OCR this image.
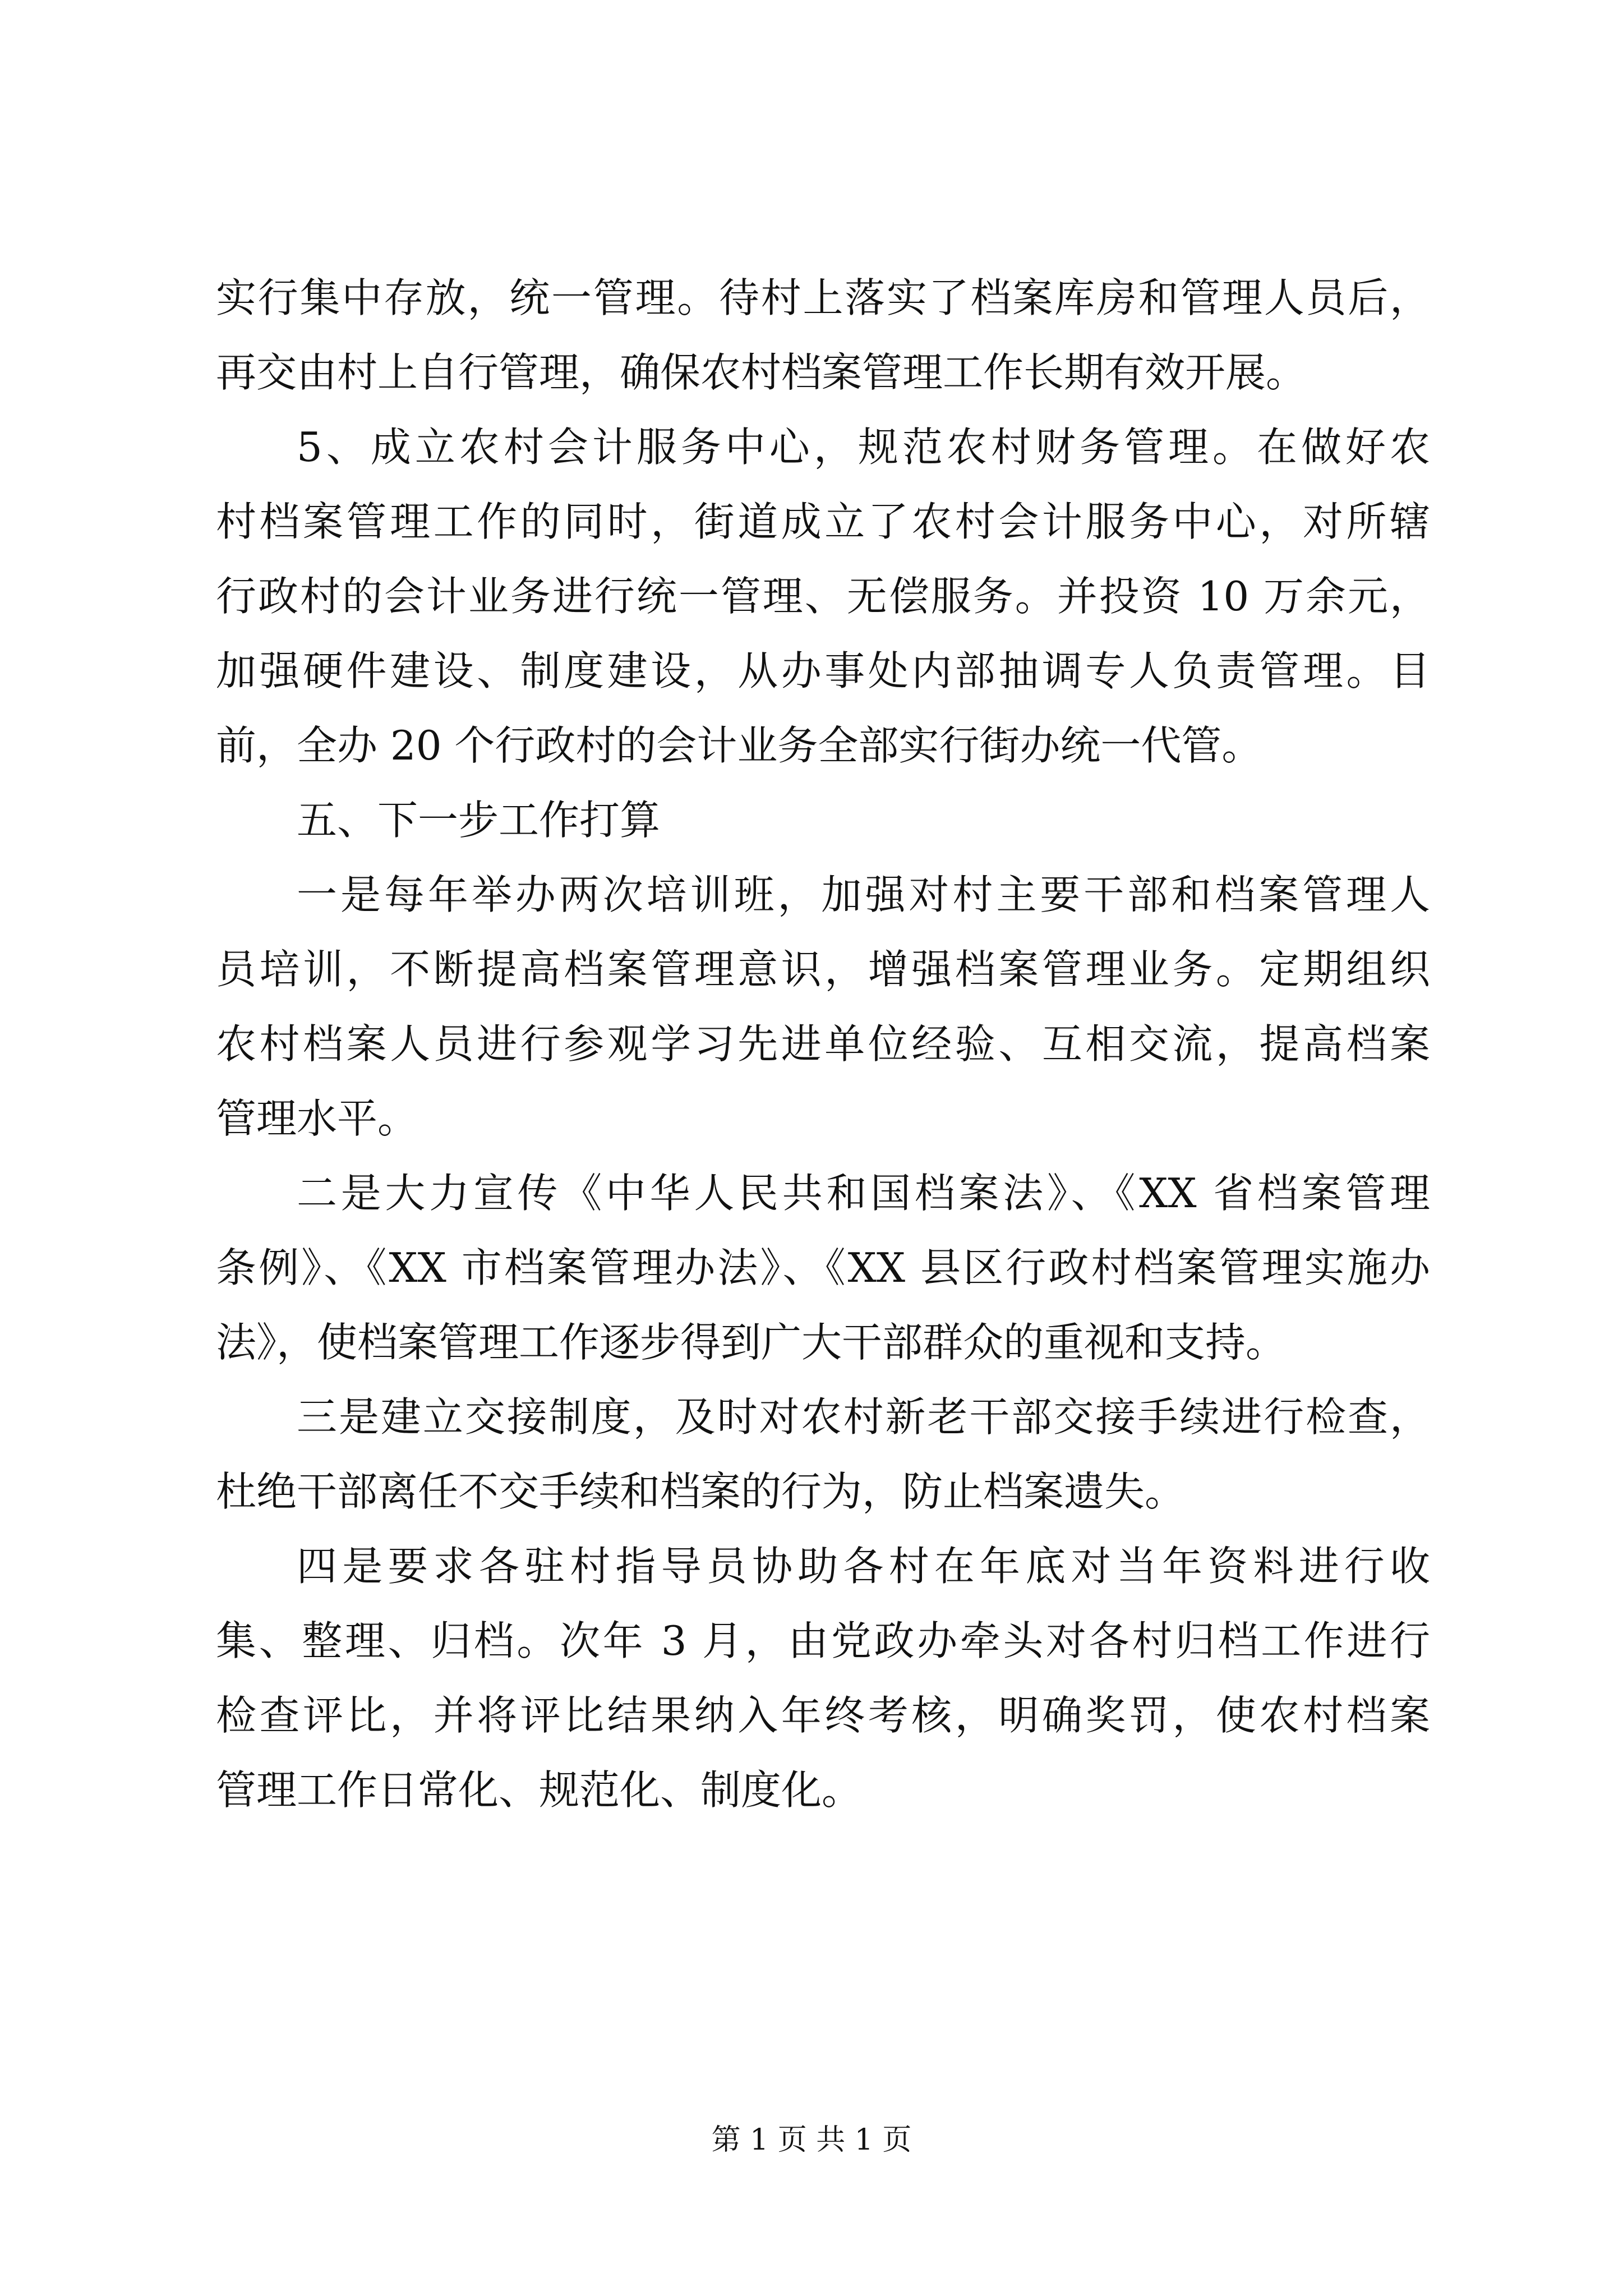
实行集中存放，统一管理。待村上落实了档案库房和管理人员后，
再交由村上自行管理，确保农村档案管理工作长期有效开展。
5、成立农村会计服务中心，规范农村财务管理。在做好农
村档案管理工作的同时，街道成立了农村会计服务中心，对所辖
行政村的会计业务进行统一管理、无偿服务。并投资 10 万余元，
加强硬件建设、制度建设，从办事处内部抽调专人负责管理。目
前，全办 20 个行政村的会计业务全部实行街办统一代管。
五、下一步工作打算
一是每年举办两次培训班，加强对村主要干部和档案管理人
员培训，不断提高档案管理意识，增强档案管理业务。定期组织
农村档案人员进行参观学习先进单位经验、互相交流，提高档案
管理水平。
二是大力宣传《中华人民共和国档案法》、《XX 省档案管理
条例》、《XX 市档案管理办法》、《XX 县区行政村档案管理实施办
法》，使档案管理工作逐步得到广大干部群众的重视和支持。
三是建立交接制度，及时对农村新老干部交接手续进行检查，
杜绝干部离任不交手续和档案的行为，防止档案遗失。
四是要求各驻村指导员协助各村在年底对当年资料进行收
集、整理、归档。次年 3 月，由党政办牵头对各村归档工作进行
检查评比，并将评比结果纳入年终考核，明确奖罚，使农村档案
管理工作日常化、规范化、制度化。
第 1 页 共 1 页
